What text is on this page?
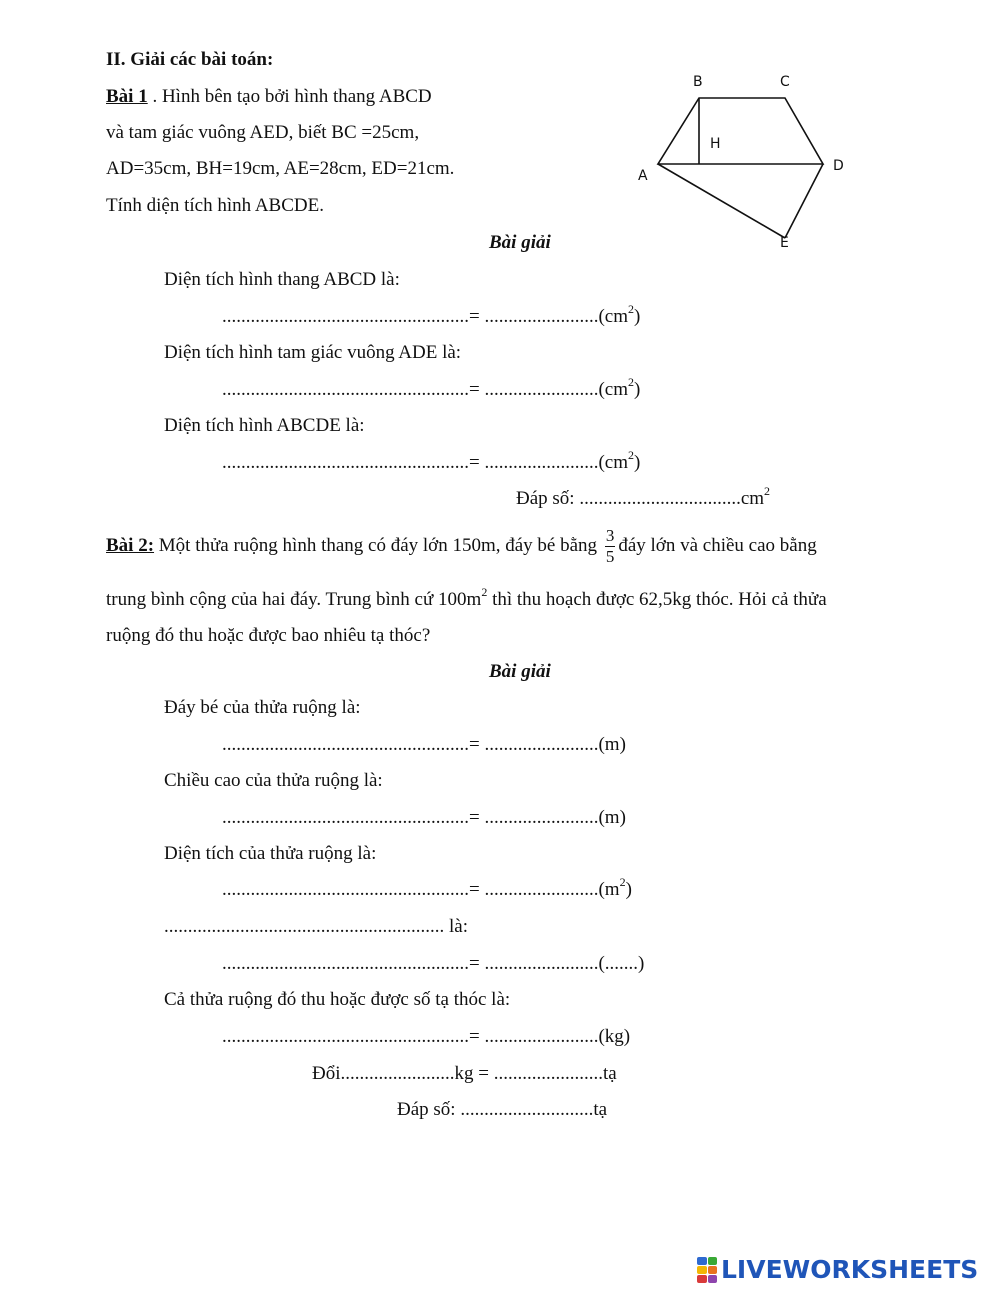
II. Giải các bài toán:
Bài 1 . Hình bên tạo bởi hình thang ABCD
và tam giác vuông AED, biết BC =25cm,
AD=35cm, BH=19cm, AE=28cm, ED=21cm.
Tính diện tích hình ABCDE.
B	C
H
A
D
E
Bài giải
Diện tích hình thang ABCD là:
....................................................= $........................(cm^2)$
Diện tích hình tam giác vuông ADE là:
....................................................= $........................(cm^2)$
Diện tích hình ABCDE là:
....................................................= $........................(cm^2)$
Đáp số: $..................................cm^2$
Bài 2: Một thửa ruộng hình thang có đáy lớn 150m, đáy bé bằng $\frac{3}{5}$ đáy lớn và chiều cao bằng
trung bình cộng của hai đáy. Trung bình cứ $100m^2$ thì thu hoạch được 62,5kg thóc. Hỏi cả thửa
ruộng đó thu hoặc được bao nhiêu tạ thóc?
Bài giải
Đáy bé của thửa ruộng là:
....................................................= ........................(m)
Chiều cao của thửa ruộng là:
....................................................= ........................(m)
Diện tích của thửa ruộng là:
....................................................= $........................(m^2)$
........................................................... là:
....................................................= ........................(.......)
Cả thửa ruộng đó thu hoặc được số tạ thóc là:
....................................................= ........................(kg)
Đổi........................kg = .......................tạ
Đáp số: ............................tạ
LIVEWORKSHEETS
